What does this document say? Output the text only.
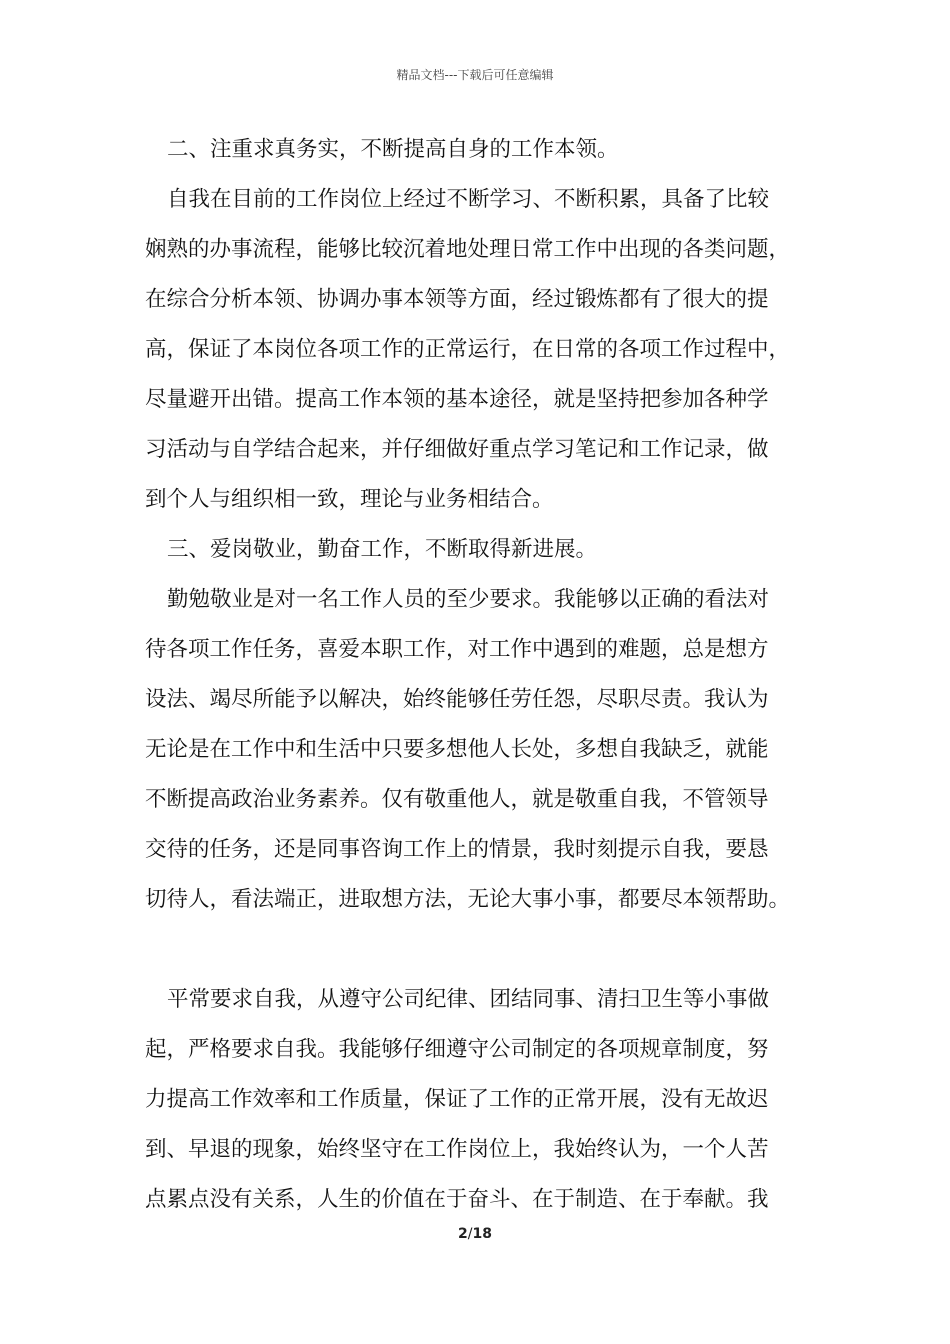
精品文档---下载后可任意编辑
二、注重求真务实，不断提高自身的工作本领。
自我在目前的工作岗位上经过不断学习、不断积累，具备了比较
娴熟的办事流程，能够比较沉着地处理日常工作中出现的各类问题，
在综合分析本领、协调办事本领等方面，经过锻炼都有了很大的提
高，保证了本岗位各项工作的正常运行，在日常的各项工作过程中，
尽量避开出错。提高工作本领的基本途径，就是坚持把参加各种学
习活动与自学结合起来，并仔细做好重点学习笔记和工作记录，做
到个人与组织相一致，理论与业务相结合。
三、爱岗敬业，勤奋工作，不断取得新进展。
勤勉敬业是对一名工作人员的至少要求。我能够以正确的看法对
待各项工作任务，喜爱本职工作，对工作中遇到的难题，总是想方
设法、竭尽所能予以解决，始终能够任劳任怨，尽职尽责。我认为
无论是在工作中和生活中只要多想他人长处，多想自我缺乏，就能
不断提高政治业务素养。仅有敬重他人，就是敬重自我，不管领导
交待的任务，还是同事咨询工作上的情景，我时刻提示自我，要恳
切待人，看法端正，进取想方法，无论大事小事，都要尽本领帮助。
平常要求自我，从遵守公司纪律、团结同事、清扫卫生等小事做
起，严格要求自我。我能够仔细遵守公司制定的各项规章制度，努
力提高工作效率和工作质量，保证了工作的正常开展，没有无故迟
到、早退的现象，始终坚守在工作岗位上，我始终认为，一个人苦
点累点没有关系，人生的价值在于奋斗、在于制造、在于奉献。我
2/18
